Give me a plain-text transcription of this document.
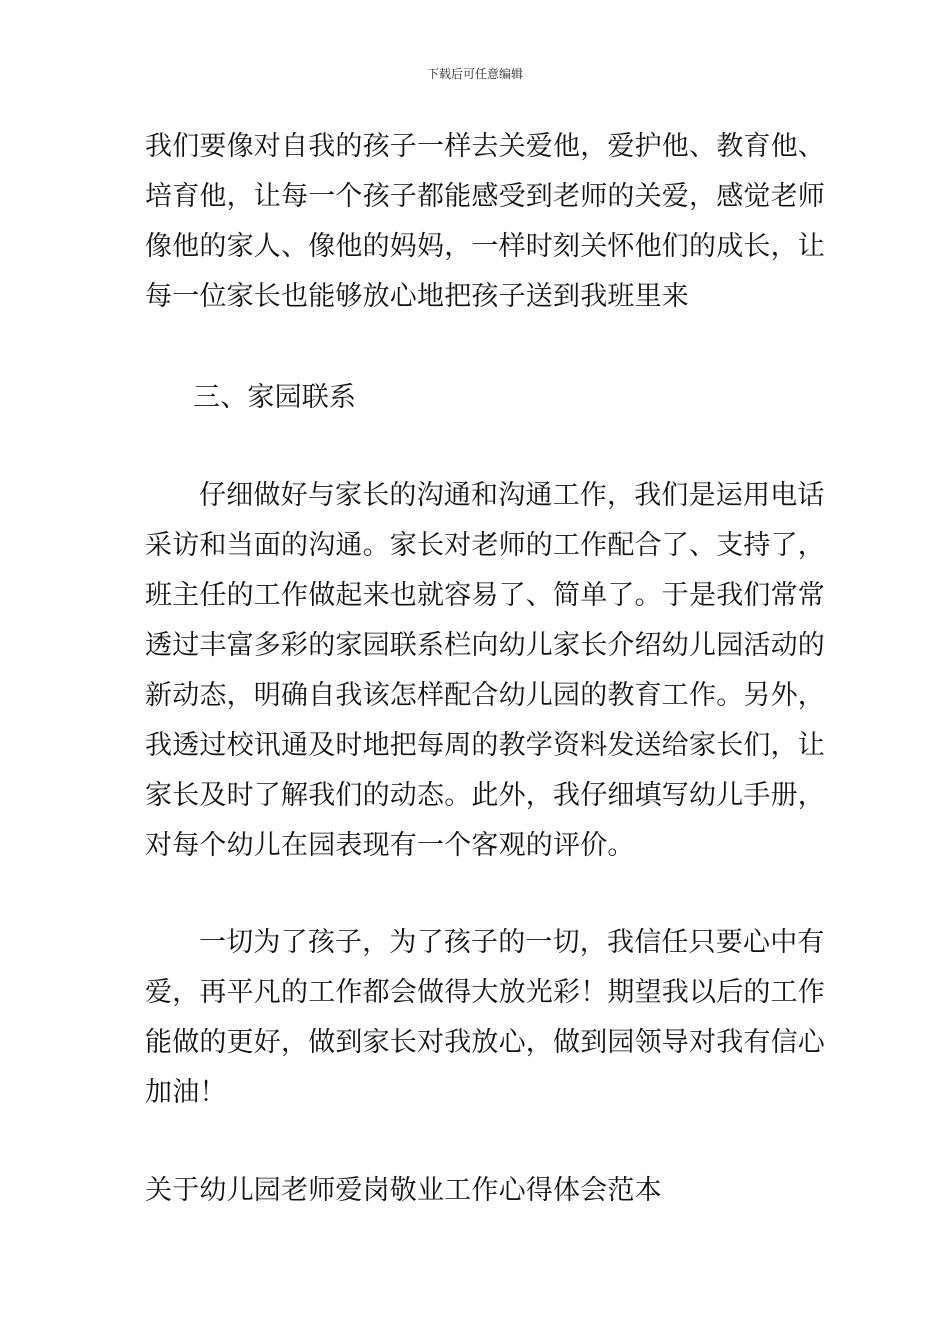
下载后可任意编辑
我们要像对自我的孩子一样去关爱他，爱护他、教育他、
培育他，让每一个孩子都能感受到老师的关爱，感觉老师
像他的家人、像他的妈妈，一样时刻关怀他们的成长，让
每一位家长也能够放心地把孩子送到我班里来
三、家园联系
仔细做好与家长的沟通和沟通工作，我们是运用电话
采访和当面的沟通。家长对老师的工作配合了、支持了，
班主任的工作做起来也就容易了、简单了。于是我们常常
透过丰富多彩的家园联系栏向幼儿家长介绍幼儿园活动的
新动态，明确自我该怎样配合幼儿园的教育工作。另外，
我透过校讯通及时地把每周的教学资料发送给家长们，让
家长及时了解我们的动态。此外，我仔细填写幼儿手册，
对每个幼儿在园表现有一个客观的评价。
一切为了孩子，为了孩子的一切，我信任只要心中有
爱，再平凡的工作都会做得大放光彩！期望我以后的工作
能做的更好，做到家长对我放心，做到园领导对我有信心
加油！
关于幼儿园老师爱岗敬业工作心得体会范本
